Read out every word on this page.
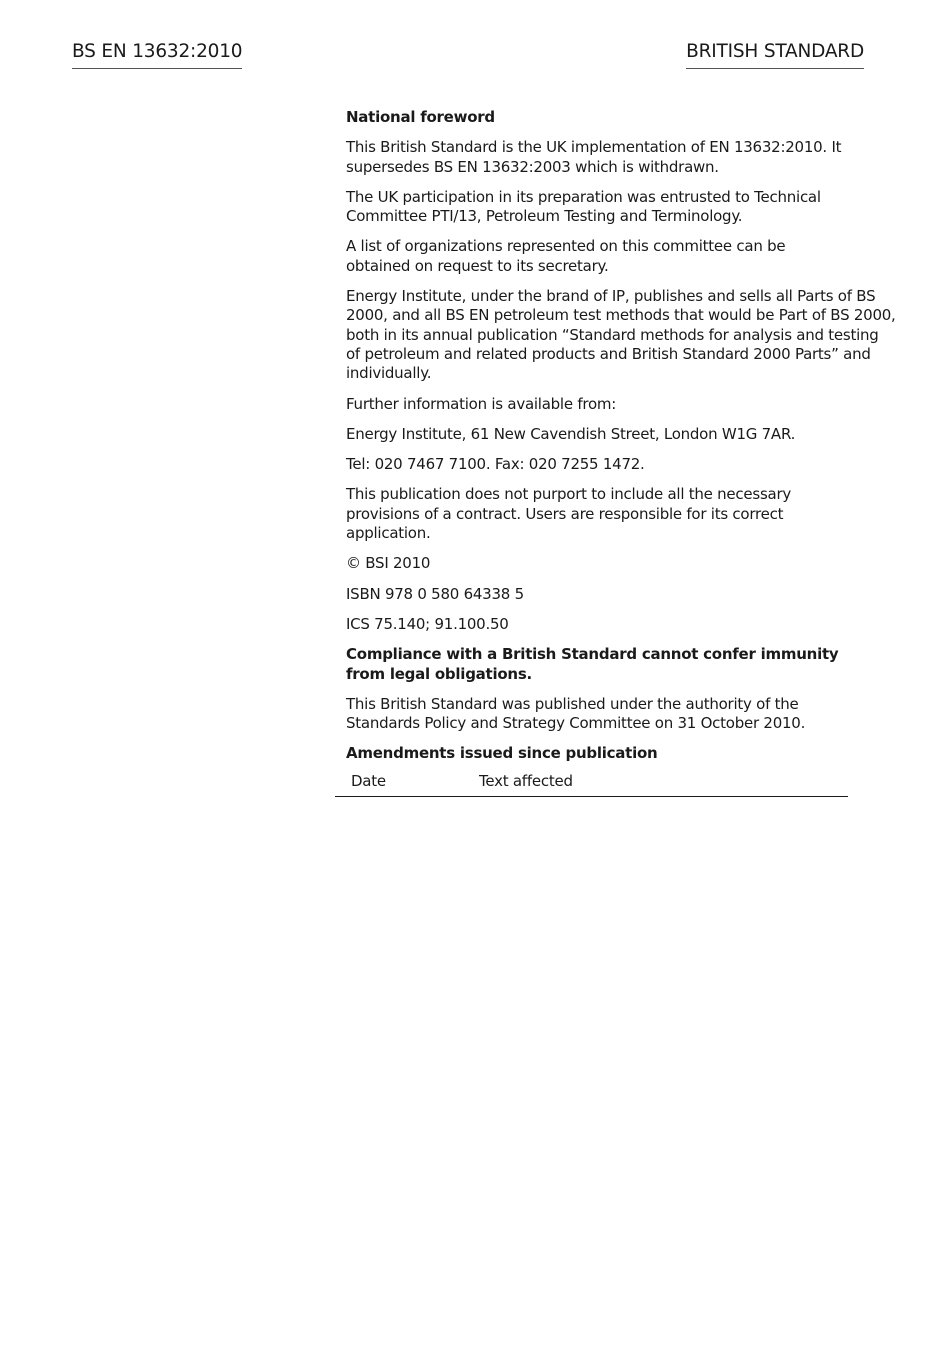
BS EN 13632:2010	BRITISH STANDARD

National foreword

This British Standard is the UK implementation of EN 13632:2010. It supersedes BS EN 13632:2003 which is withdrawn.

The UK participation in its preparation was entrusted to Technical Committee PTI/13, Petroleum Testing and Terminology.

A list of organizations represented on this committee can be obtained on request to its secretary.

Energy Institute, under the brand of IP, publishes and sells all Parts of BS 2000, and all BS EN petroleum test methods that would be Part of BS 2000, both in its annual publication “Standard methods for analysis and testing of petroleum and related products and British Standard 2000 Parts” and individually.

Further information is available from:

Energy Institute, 61 New Cavendish Street, London W1G 7AR.

Tel: 020 7467 7100. Fax: 020 7255 1472.

This publication does not purport to include all the necessary provisions of a contract. Users are responsible for its correct application.

© BSI 2010

ISBN 978 0 580 64338 5

ICS 75.140; 91.100.50

Compliance with a British Standard cannot confer immunity from legal obligations.

This British Standard was published under the authority of the Standards Policy and Strategy Committee on 31 October 2010.

Amendments issued since publication

Date	Text affected
